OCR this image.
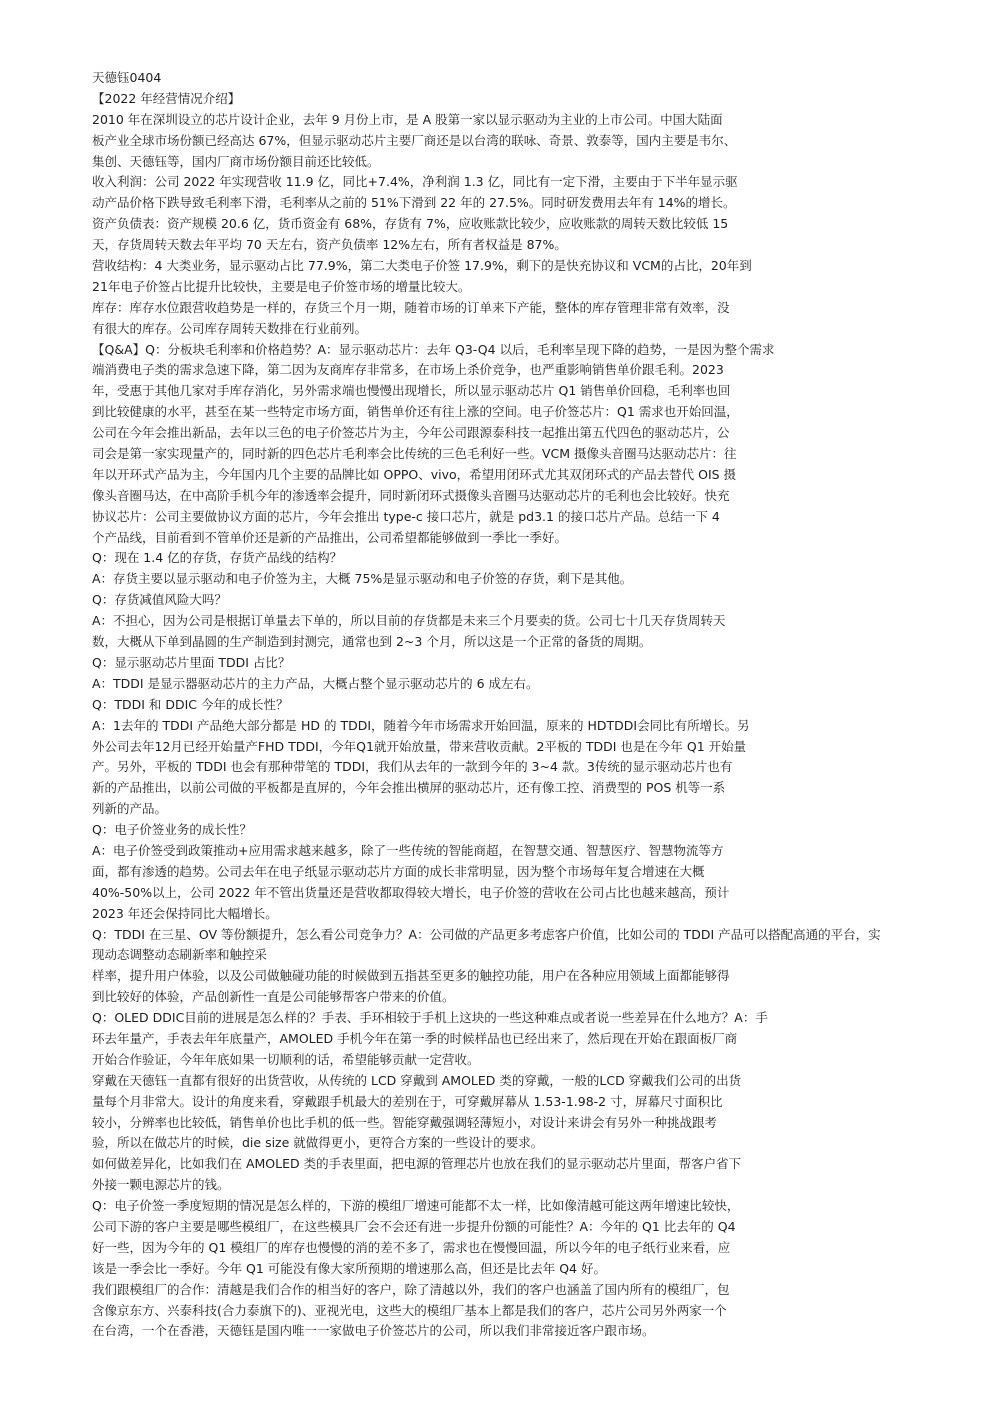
天德钰0404
【2022 年经营情况介绍】
2010 年在深圳设立的芯片设计企业，去年 9 月份上市，是 A 股第一家以显示驱动为主业的上市公司。中国大陆面
板产业全球市场份额已经高达 67%，但显示驱动芯片主要厂商还是以台湾的联咏、奇景、敦泰等，国内主要是韦尔、
集创、天德钰等，国内厂商市场份额目前还比较低。
收入利润：公司 2022 年实现营收 11.9 亿，同比+7.4%，净利润 1.3 亿，同比有一定下滑，主要由于下半年显示驱
动产品价格下跌导致毛利率下滑，毛利率从之前的 51%下滑到 22 年的 27.5%。同时研发费用去年有 14%的增长。
资产负债表：资产规模 20.6 亿，货币资金有 68%，存货有 7%，应收账款比较少，应收账款的周转天数比较低 15
天，存货周转天数去年平均 70 天左右，资产负债率 12%左右，所有者权益是 87%。
营收结构：4 大类业务，显示驱动占比 77.9%，第二大类电子价签 17.9%，剩下的是快充协议和 VCM的占比，20年到
21年电子价签占比提升比较快，主要是电子价签市场的增量比较大。
库存：库存水位跟营收趋势是一样的，存货三个月一期，随着市场的订单来下产能，整体的库存管理非常有效率，没
有很大的库存。公司库存周转天数排在行业前列。
【Q&A】Q：分板块毛利率和价格趋势？A：显示驱动芯片：去年 Q3-Q4 以后，毛利率呈现下降的趋势，一是因为整个需求
端消费电子类的需求急速下降，第二因为友商库存非常多，在市场上杀价竞争，也严重影响销售单价跟毛利。2023
年，受惠于其他几家对手库存消化，另外需求端也慢慢出现增长，所以显示驱动芯片 Q1 销售单价回稳，毛利率也回
到比较健康的水平，甚至在某一些特定市场方面，销售单价还有往上涨的空间。电子价签芯片：Q1 需求也开始回温，
公司在今年会推出新品，去年以三色的电子价签芯片为主，今年公司跟源泰科技一起推出第五代四色的驱动芯片，公
司会是第一家实现量产的，同时新的四色芯片毛利率会比传统的三色毛利好一些。VCM 摄像头音圈马达驱动芯片：往
年以开环式产品为主，今年国内几个主要的品牌比如 OPPO、vivo，希望用闭环式尤其双闭环式的产品去替代 OIS 摄
像头音圈马达，在中高阶手机今年的渗透率会提升，同时新闭环式摄像头音圈马达驱动芯片的毛利也会比较好。快充
协议芯片：公司主要做协议方面的芯片，今年会推出 type-c 接口芯片，就是 pd3.1 的接口芯片产品。总结一下 4
个产品线，目前看到不管单价还是新的产品推出，公司希望都能够做到一季比一季好。
Q：现在 1.4 亿的存货，存货产品线的结构？
A：存货主要以显示驱动和电子价签为主，大概 75%是显示驱动和电子价签的存货，剩下是其他。
Q：存货减值风险大吗？
A：不担心，因为公司是根据订单量去下单的，所以目前的存货都是未来三个月要卖的货。公司七十几天存货周转天
数，大概从下单到晶圆的生产制造到封测完，通常也到 2~3 个月，所以这是一个正常的备货的周期。
Q：显示驱动芯片里面 TDDI 占比？
A：TDDI 是显示器驱动芯片的主力产品，大概占整个显示驱动芯片的 6 成左右。
Q：TDDI 和 DDIC 今年的成长性？
A：1去年的 TDDI 产品绝大部分都是 HD 的 TDDI，随着今年市场需求开始回温，原来的 HDTDDI会同比有所增长。另
外公司去年12月已经开始量产FHD TDDI，今年Q1就开始放量，带来营收贡献。2平板的 TDDI 也是在今年 Q1 开始量
产。另外，平板的 TDDI 也会有那种带笔的 TDDI，我们从去年的一款到今年的 3~4 款。3传统的显示驱动芯片也有
新的产品推出，以前公司做的平板都是直屏的，今年会推出横屏的驱动芯片，还有像工控、消费型的 POS 机等一系
列新的产品。
Q：电子价签业务的成长性？
A：电子价签受到政策推动+应用需求越来越多，除了一些传统的智能商超，在智慧交通、智慧医疗、智慧物流等方
面，都有渗透的趋势。公司去年在电子纸显示驱动芯片方面的成长非常明显，因为整个市场每年复合增速在大概
40%-50%以上，公司 2022 年不管出货量还是营收都取得较大增长，电子价签的营收在公司占比也越来越高，预计
2023 年还会保持同比大幅增长。
Q：TDDI 在三星、OV 等份额提升，怎么看公司竞争力？A：公司做的产品更多考虑客户价值，比如公司的 TDDI 产品可以搭配高通的平台，实
现动态调整动态刷新率和触控采
样率，提升用户体验，以及公司做触碰功能的时候做到五指甚至更多的触控功能，用户在各种应用领域上面都能够得
到比较好的体验，产品创新性一直是公司能够帮客户带来的价值。
Q：OLED DDIC目前的进展是怎么样的？手表、手环相较于手机上这块的一些这种难点或者说一些差异在什么地方？A：手
环去年量产，手表去年年底量产，AMOLED 手机今年在第一季的时候样品也已经出来了，然后现在开始在跟面板厂商
开始合作验证，今年年底如果一切顺利的话，希望能够贡献一定营收。
穿戴在天德钰一直都有很好的出货营收，从传统的 LCD 穿戴到 AMOLED 类的穿戴，一般的LCD 穿戴我们公司的出货
量每个月非常大。设计的角度来看，穿戴跟手机最大的差别在于，可穿戴屏幕从 1.53-1.98-2 寸，屏幕尺寸面积比
较小，分辨率也比较低，销售单价也比手机的低一些。智能穿戴强调轻薄短小，对设计来讲会有另外一种挑战跟考
验，所以在做芯片的时候，die size 就做得更小，更符合方案的一些设计的要求。
如何做差异化，比如我们在 AMOLED 类的手表里面，把电源的管理芯片也放在我们的显示驱动芯片里面，帮客户省下
外接一颗电源芯片的钱。
Q：电子价签一季度短期的情况是怎么样的，下游的模组厂增速可能都不太一样，比如像清越可能这两年增速比较快，
公司下游的客户主要是哪些模组厂，在这些模具厂会不会还有进一步提升份额的可能性？A：今年的 Q1 比去年的 Q4
好一些，因为今年的 Q1 模组厂的库存也慢慢的消的差不多了，需求也在慢慢回温，所以今年的电子纸行业来看，应
该是一季会比一季好。今年 Q1 可能没有像大家所预期的增速那么高，但还是比去年 Q4 好。
我们跟模组厂的合作：清越是我们合作的相当好的客户，除了清越以外，我们的客户也涵盖了国内所有的模组厂，包
含像京东方、兴泰科技(合力泰旗下的)、亚视光电，这些大的模组厂基本上都是我们的客户，芯片公司另外两家一个
在台湾，一个在香港，天德钰是国内唯一一家做电子价签芯片的公司，所以我们非常接近客户跟市场。
